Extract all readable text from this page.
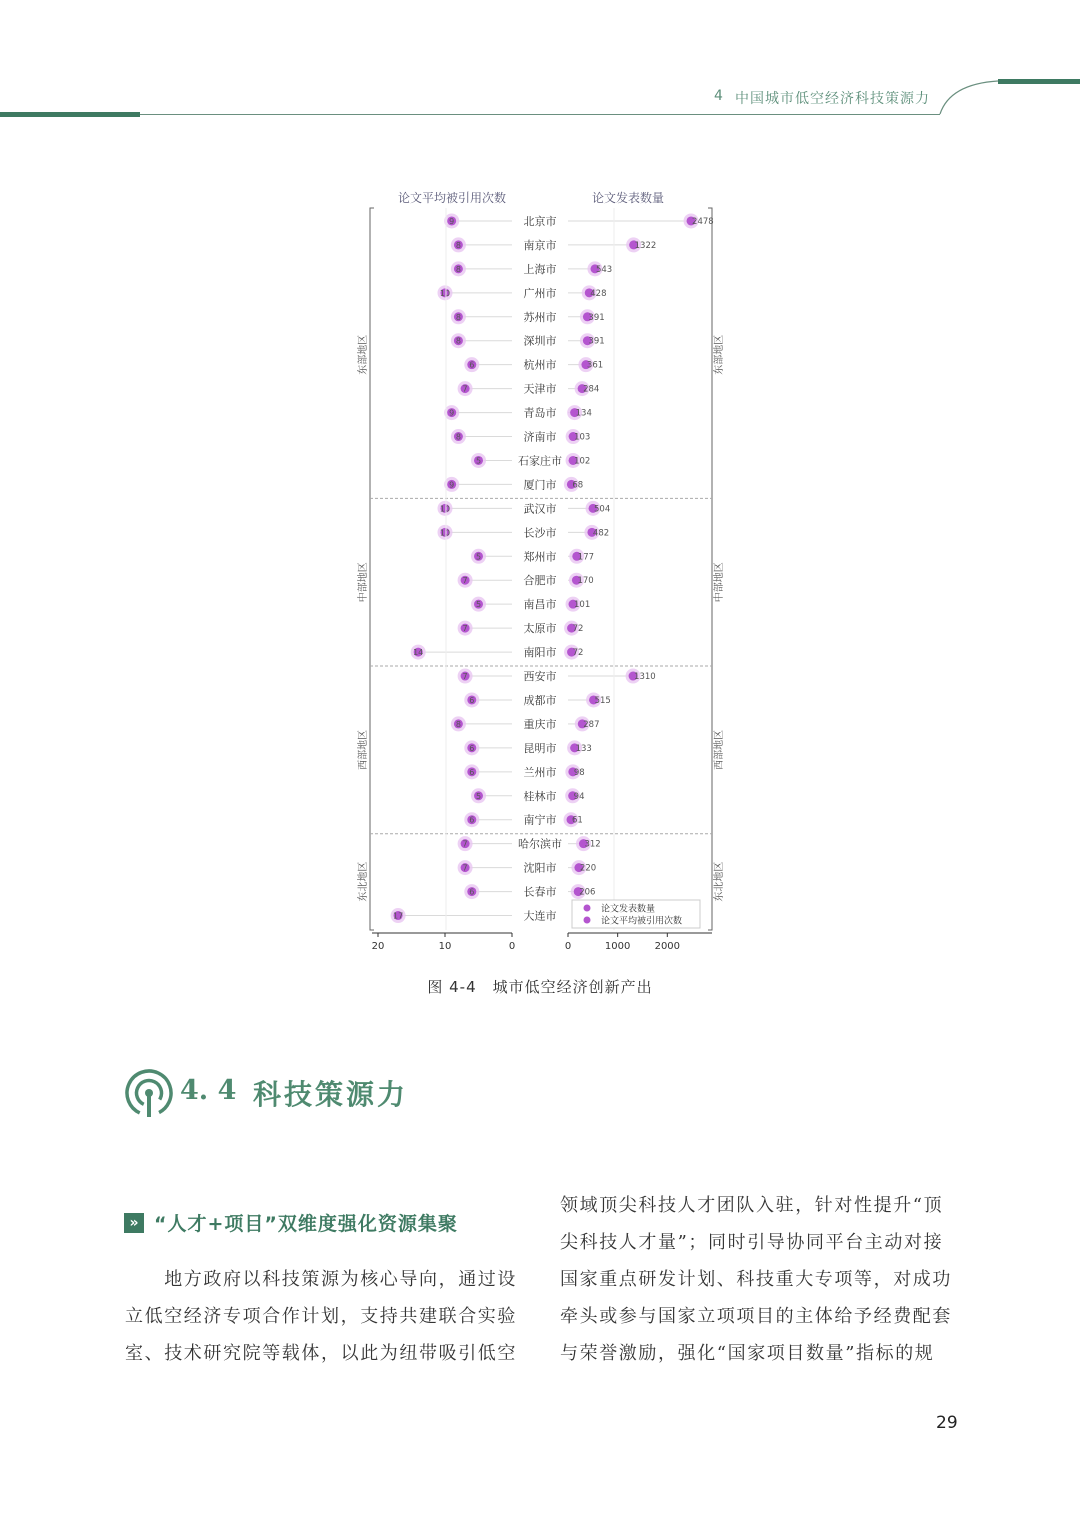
4 中国城市低空经济科技策源力
论文平均被引用次数	论文发表数量
9	北京市	2478
8	南京市	1322
8	上海市	543
10	广州市	428
8	苏州市	391
8	深圳市	391
6	杭州市	361
7	天津市	284
9	青岛市 134
8	济南市 103
5	石家庄市 102
9	厦门市 68
东部地区	东部地区
10	武汉市	504
10	长沙市	482
5	郑州市	177
7	合肥市 170
5	南昌市 101
7	太原市 72
14	南阳市 72
中部地区	中部地区
7	西安市	1310
6	成都市	515
8	重庆市	287
6	昆明市 133
6	兰州市 98
5	桂林市 94
6	南宁市 61
西部地区	西部地区
7	哈尔滨市	312
7	沈阳市	220
6	长春市	206
17	大连市
东北地区	东北地区
20	10	0	0	1000 2000
论文发表数量
论文平均被引用次数
图 4-4　城市低空经济创新产出
4. 4 科技策源力
» “人才+项目”双维度强化资源集聚
　　地方政府以科技策源为核心导向，通过设
立低空经济专项合作计划，支持共建联合实验
室、技术研究院等载体，以此为纽带吸引低空
领域顶尖科技人才团队入驻，针对性提升“顶
尖科技人才量”；同时引导协同平台主动对接
国家重点研发计划、科技重大专项等，对成功
牵头或参与国家立项项目的主体给予经费配套
与荣誉激励，强化“国家项目数量”指标的规
29
